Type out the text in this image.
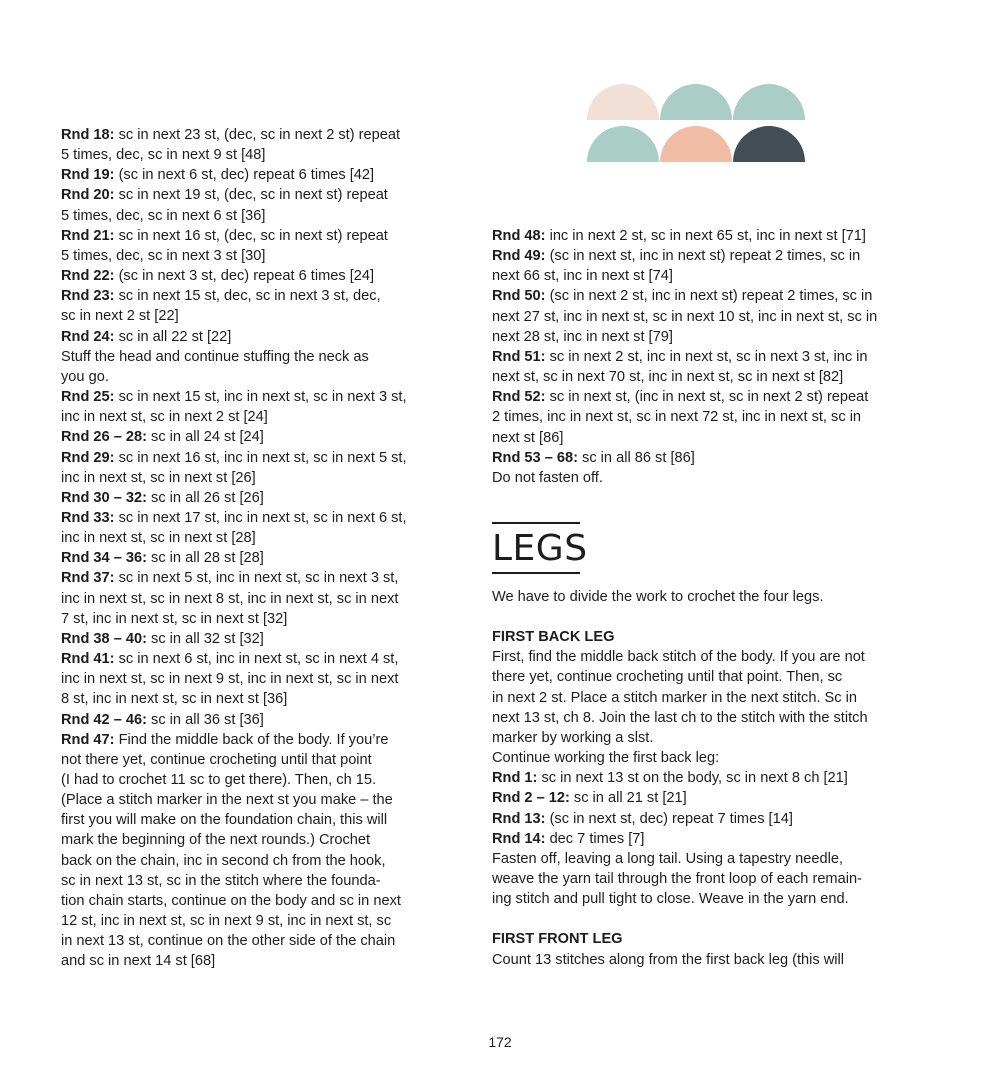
Rnd 18: sc in next 23 st, (dec, sc in next 2 st) repeat

5 times, dec, sc in next 9 st [48]

Rnd 19: (sc in next 6 st, dec) repeat 6 times [42]

Rnd 20: sc in next 19 st, (dec, sc in next st) repeat

5 times, dec, sc in next 6 st [36]

Rnd 21: sc in next 16 st, (dec, sc in next st) repeat

5 times, dec, sc in next 3 st [30]

Rnd 22: (sc in next 3 st, dec) repeat 6 times [24]

Rnd 23: sc in next 15 st, dec, sc in next 3 st, dec,

sc in next 2 st [22]

Rnd 24: sc in all 22 st [22]

Stuff the head and continue stuffing the neck as

you go.

Rnd 25: sc in next 15 st, inc in next st, sc in next 3 st,

inc in next st, sc in next 2 st [24]

Rnd 26 – 28: sc in all 24 st [24]

Rnd 29: sc in next 16 st, inc in next st, sc in next 5 st,

inc in next st, sc in next st [26]

Rnd 30 – 32: sc in all 26 st [26]

Rnd 33: sc in next 17 st, inc in next st, sc in next 6 st,

inc in next st, sc in next st [28]

Rnd 34 – 36: sc in all 28 st [28]

Rnd 37: sc in next 5 st, inc in next st, sc in next 3 st,

inc in next st, sc in next 8 st, inc in next st, sc in next

7 st, inc in next st, sc in next st [32]

Rnd 38 – 40: sc in all 32 st [32]

Rnd 41: sc in next 6 st, inc in next st, sc in next 4 st,

inc in next st, sc in next 9 st, inc in next st, sc in next

8 st, inc in next st, sc in next st [36]

Rnd 42 – 46: sc in all 36 st [36]

Rnd 47: Find the middle back of the body. If you’re

not there yet, continue crocheting until that point

(I had to crochet 11 sc to get there). Then, ch 15.

(Place a stitch marker in the next st you make – the

first you will make on the foundation chain, this will

mark the beginning of the next rounds.) Crochet

back on the chain, inc in second ch from the hook,

sc in next 13 st, sc in the stitch where the founda-

tion chain starts, continue on the body and sc in next

12 st, inc in next st, sc in next 9 st, inc in next st, sc

in next 13 st, continue on the other side of the chain

and sc in next 14 st [68]

Rnd 48: inc in next 2 st, sc in next 65 st, inc in next st [71]

Rnd 49: (sc in next st, inc in next st) repeat 2 times, sc in

next 66 st, inc in next st [74]

Rnd 50: (sc in next 2 st, inc in next st) repeat 2 times, sc in

next 27 st, inc in next st, sc in next 10 st, inc in next st, sc in

next 28 st, inc in next st [79]

Rnd 51: sc in next 2 st, inc in next st, sc in next 3 st, inc in

next st, sc in next 70 st, inc in next st, sc in next st [82]

Rnd 52: sc in next st, (inc in next st, sc in next 2 st) repeat

2 times, inc in next st, sc in next 72 st, inc in next st, sc in

next st [86]

Rnd 53 – 68: sc in all 86 st [86]

Do not fasten off.

LEGS

We have to divide the work to crochet the four legs.

FIRST BACK LEG

First, find the middle back stitch of the body. If you are not

there yet, continue crocheting until that point. Then, sc

in next 2 st. Place a stitch marker in the next stitch. Sc in

next 13 st, ch 8. Join the last ch to the stitch with the stitch

marker by working a slst.

Continue working the first back leg:

Rnd 1: sc in next 13 st on the body, sc in next 8 ch [21]

Rnd 2 – 12: sc in all 21 st [21]

Rnd 13: (sc in next st, dec) repeat 7 times [14]

Rnd 14: dec 7 times [7]

Fasten off, leaving a long tail. Using a tapestry needle,

weave the yarn tail through the front loop of each remain-

ing stitch and pull tight to close. Weave in the yarn end.

FIRST FRONT LEG

Count 13 stitches along from the first back leg (this will

172
